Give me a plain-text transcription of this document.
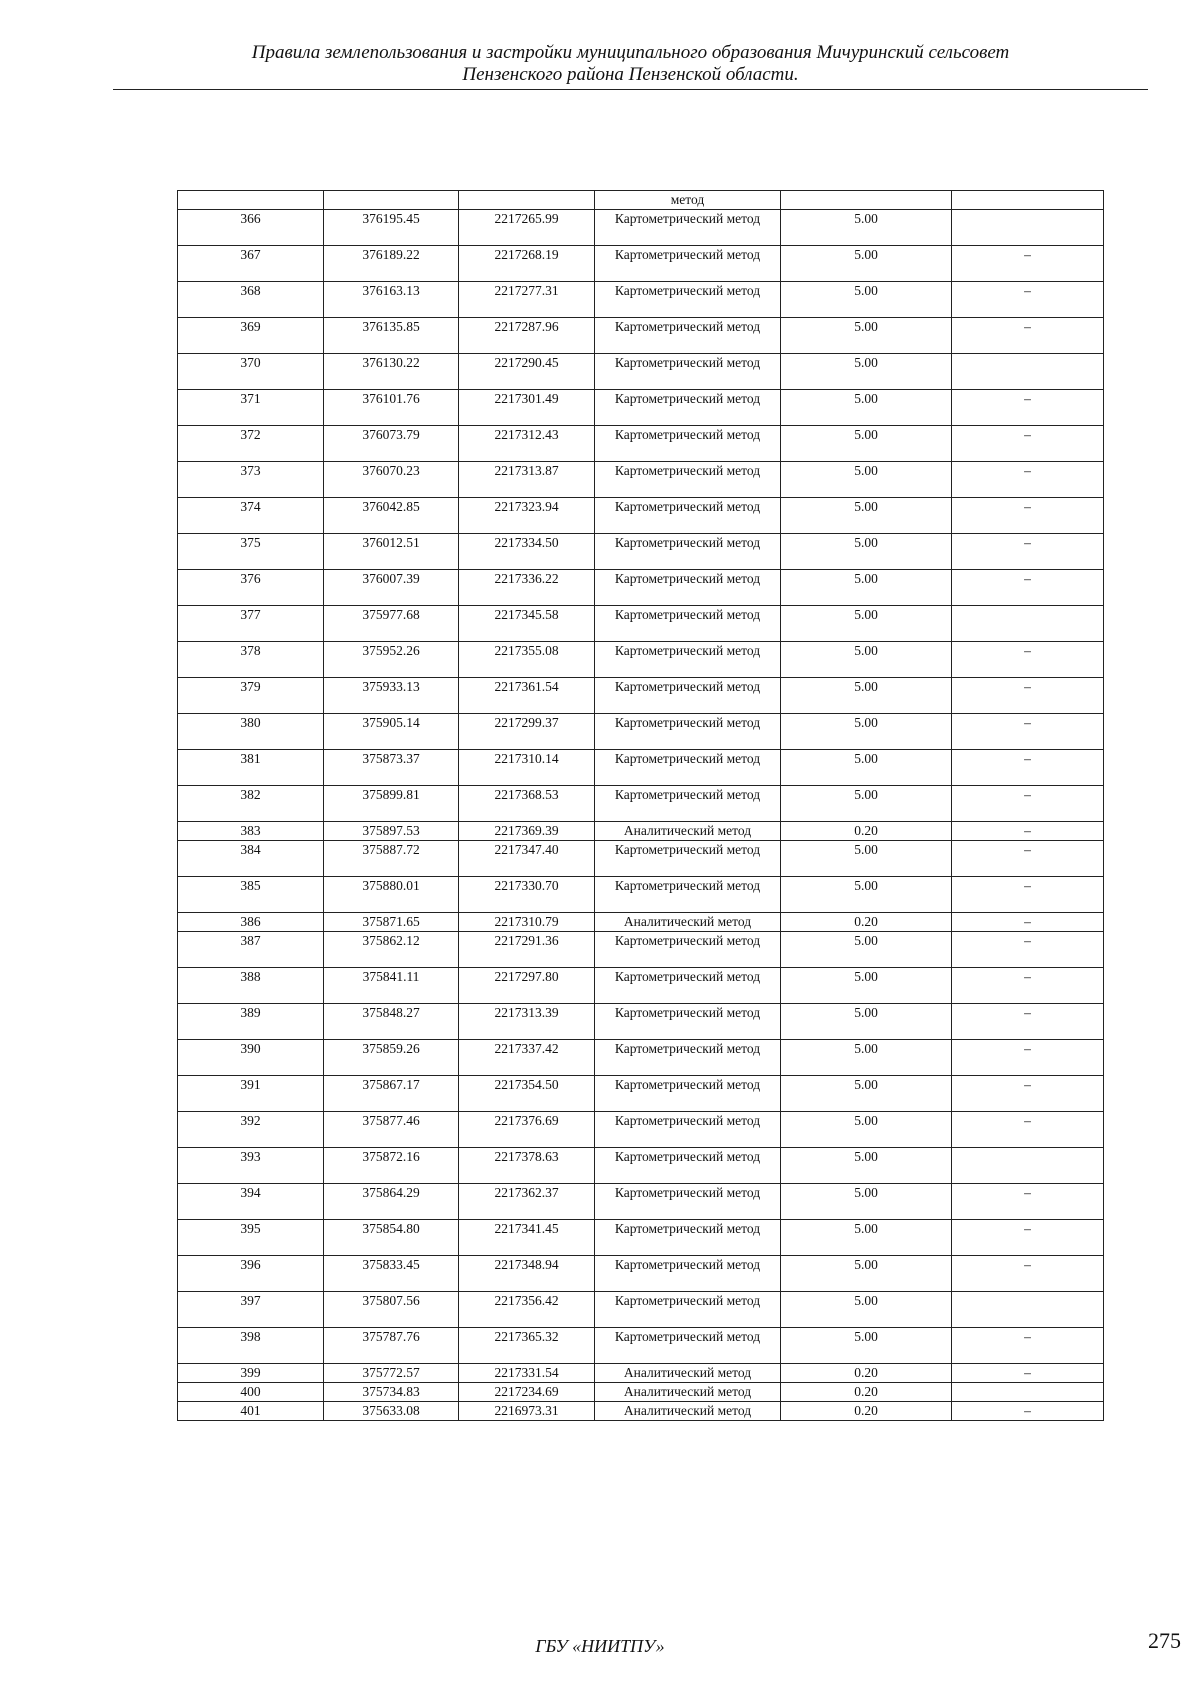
Правила землепользования и застройки муниципального образования Мичуринский сельсовет
Пензенского района Пензенской области.
			метод		
366	376195.45	2217265.99	Картометрический метод	5.00	
367	376189.22	2217268.19	Картометрический метод	5.00	–
368	376163.13	2217277.31	Картометрический метод	5.00	–
369	376135.85	2217287.96	Картометрический метод	5.00	–
370	376130.22	2217290.45	Картометрический метод	5.00	
371	376101.76	2217301.49	Картометрический метод	5.00	–
372	376073.79	2217312.43	Картометрический метод	5.00	–
373	376070.23	2217313.87	Картометрический метод	5.00	–
374	376042.85	2217323.94	Картометрический метод	5.00	–
375	376012.51	2217334.50	Картометрический метод	5.00	–
376	376007.39	2217336.22	Картометрический метод	5.00	–
377	375977.68	2217345.58	Картометрический метод	5.00	
378	375952.26	2217355.08	Картометрический метод	5.00	–
379	375933.13	2217361.54	Картометрический метод	5.00	–
380	375905.14	2217299.37	Картометрический метод	5.00	–
381	375873.37	2217310.14	Картометрический метод	5.00	–
382	375899.81	2217368.53	Картометрический метод	5.00	–
383	375897.53	2217369.39	Аналитический метод	0.20	–
384	375887.72	2217347.40	Картометрический метод	5.00	–
385	375880.01	2217330.70	Картометрический метод	5.00	–
386	375871.65	2217310.79	Аналитический метод	0.20	–
387	375862.12	2217291.36	Картометрический метод	5.00	–
388	375841.11	2217297.80	Картометрический метод	5.00	–
389	375848.27	2217313.39	Картометрический метод	5.00	–
390	375859.26	2217337.42	Картометрический метод	5.00	–
391	375867.17	2217354.50	Картометрический метод	5.00	–
392	375877.46	2217376.69	Картометрический метод	5.00	–
393	375872.16	2217378.63	Картометрический метод	5.00	
394	375864.29	2217362.37	Картометрический метод	5.00	–
395	375854.80	2217341.45	Картометрический метод	5.00	–
396	375833.45	2217348.94	Картометрический метод	5.00	–
397	375807.56	2217356.42	Картометрический метод	5.00	
398	375787.76	2217365.32	Картометрический метод	5.00	–
399	375772.57	2217331.54	Аналитический метод	0.20	–
400	375734.83	2217234.69	Аналитический метод	0.20	
401	375633.08	2216973.31	Аналитический метод	0.20	–
ГБУ «НИИТПУ»	275
